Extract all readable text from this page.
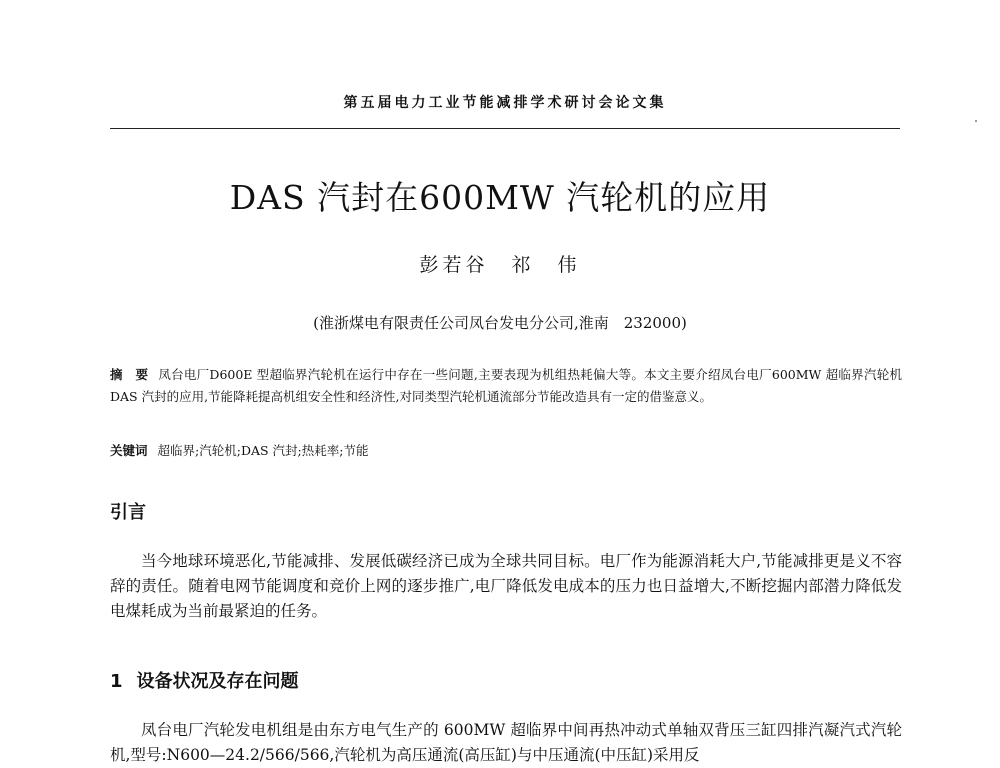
第五届电力工业节能减排学术研讨会论文集
DAS 汽封在600MW 汽轮机的应用
彭若谷　祁　伟
(淮浙煤电有限责任公司凤台发电分公司,淮南　232000)
摘　要 凤台电厂D600E 型超临界汽轮机在运行中存在一些问题,主要表现为机组热耗偏大等。本文主要介绍凤台电厂600MW 超临界汽轮机DAS 汽封的应用,节能降耗提高机组安全性和经济性,对同类型汽轮机通流部分节能改造具有一定的借鉴意义。
关键词 超临界;汽轮机;DAS 汽封;热耗率;节能
引言
当今地球环境恶化,节能减排、发展低碳经济已成为全球共同目标。电厂作为能源消耗大户,节能减排更是义不容辞的责任。随着电网节能调度和竞价上网的逐步推广,电厂降低发电成本的压力也日益增大,不断挖掘内部潜力降低发电煤耗成为当前最紧迫的任务。
1 设备状况及存在问题
凤台电厂汽轮发电机组是由东方电气生产的 600MW 超临界中间再热冲动式单轴双背压三缸四排汽凝汽式汽轮机,型号:N600—24.2/566/566,汽轮机为高压通流(高压缸)与中压通流(中压缸)采用反
